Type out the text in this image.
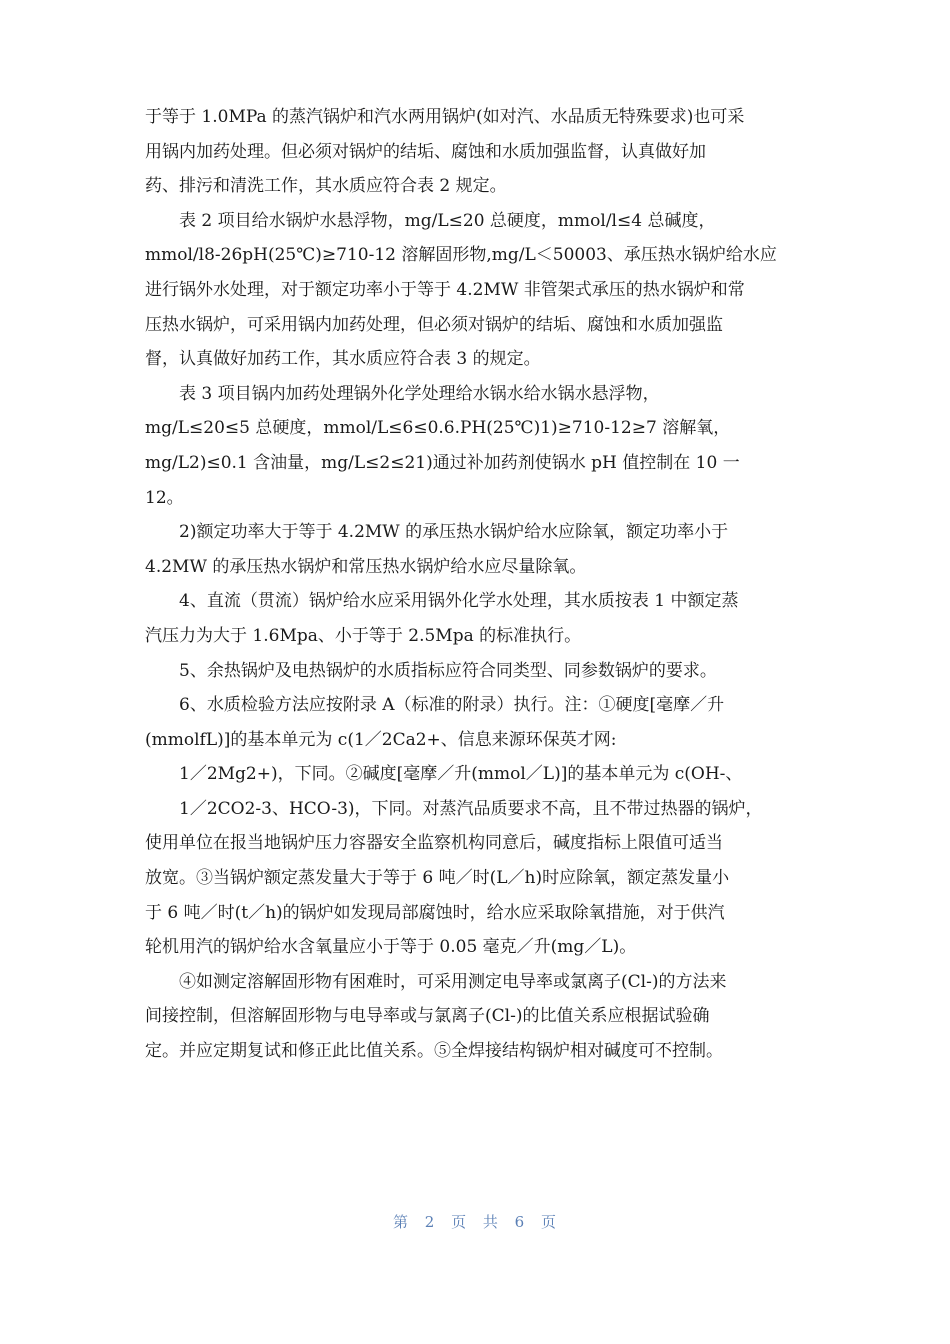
于等于 1.0MPa 的蒸汽锅炉和汽水两用锅炉(如对汽、水品质无特殊要求)也可采
用锅内加药处理。但必须对锅炉的结垢、腐蚀和水质加强监督，认真做好加
药、排污和清洗工作，其水质应符合表 2 规定。
表 2 项目给水锅炉水悬浮物，mg/L≤20 总硬度，mmol/l≤4 总碱度，
mmol/l8-26pH(25℃)≥710-12 溶解固形物,mg/L＜50003、承压热水锅炉给水应
进行锅外水处理，对于额定功率小于等于 4.2MW 非管架式承压的热水锅炉和常
压热水锅炉，可采用锅内加药处理，但必须对锅炉的结垢、腐蚀和水质加强监
督，认真做好加药工作，其水质应符合表 3 的规定。
表 3 项目锅内加药处理锅外化学处理给水锅水给水锅水悬浮物，
mg/L≤20≤5 总硬度，mmol/L≤6≤0.6.PH(25℃)1)≥710-12≥7 溶解氧，
mg/L2)≤0.1 含油量，mg/L≤2≤21)通过补加药剂使锅水 pH 值控制在 10 一
12。
2)额定功率大于等于 4.2MW 的承压热水锅炉给水应除氧，额定功率小于
4.2MW 的承压热水锅炉和常压热水锅炉给水应尽量除氧。
4、直流（贯流）锅炉给水应采用锅外化学水处理，其水质按表 1 中额定蒸
汽压力为大于 1.6Mpa、小于等于 2.5Mpa 的标准执行。
5、余热锅炉及电热锅炉的水质指标应符合同类型、同参数锅炉的要求。
6、水质检验方法应按附录 A（标准的附录）执行。注：①硬度[毫摩／升
(mmolfL)]的基本单元为 c(1／2Ca2+、信息来源环保英才网:
1／2Mg2+)，下同。②碱度[毫摩／升(mmol／L)]的基本单元为 c(OH-、
1／2CO2-3、HCO-3)，下同。对蒸汽品质要求不高，且不带过热器的锅炉，
使用单位在报当地锅炉压力容器安全监察机构同意后，碱度指标上限值可适当
放宽。③当锅炉额定蒸发量大于等于 6 吨／时(L／h)时应除氧，额定蒸发量小
于 6 吨／时(t／h)的锅炉如发现局部腐蚀时，给水应采取除氧措施，对于供汽
轮机用汽的锅炉给水含氧量应小于等于 0.05 毫克／升(mg／L)。
④如测定溶解固形物有困难时，可采用测定电导率或氯离子(Cl-)的方法来
间接控制，但溶解固形物与电导率或与氯离子(Cl-)的比值关系应根据试验确
定。并应定期复试和修正此比值关系。⑤全焊接结构锅炉相对碱度可不控制。
第 2 页 共 6 页
